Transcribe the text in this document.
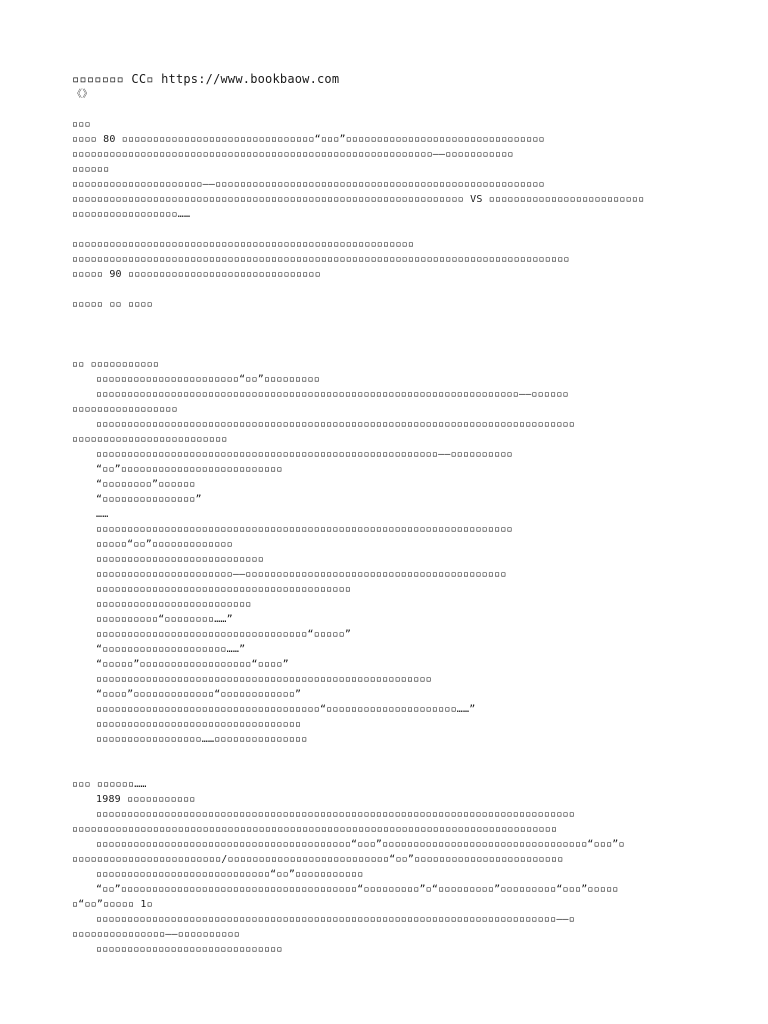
▫▫▫▫▫▫▫ CC▫ https://www.bookbaow.com
《》
▫▫▫
▫▫▫▫ 80 ▫▫▫▫▫▫▫▫▫▫▫▫▫▫▫▫▫▫▫▫▫▫▫▫▫▫▫▫▫▫▫“▫▫▫”▫▫▫▫▫▫▫▫▫▫▫▫▫▫▫▫▫▫▫▫▫▫▫▫▫▫▫▫▫▫▫▫
▫▫▫▫▫▫▫▫▫▫▫▫▫▫▫▫▫▫▫▫▫▫▫▫▫▫▫▫▫▫▫▫▫▫▫▫▫▫▫▫▫▫▫▫▫▫▫▫▫▫▫▫▫▫▫▫▫▫——▫▫▫▫▫▫▫▫▫▫▫
▫▫▫▫▫▫
▫▫▫▫▫▫▫▫▫▫▫▫▫▫▫▫▫▫▫▫▫——▫▫▫▫▫▫▫▫▫▫▫▫▫▫▫▫▫▫▫▫▫▫▫▫▫▫▫▫▫▫▫▫▫▫▫▫▫▫▫▫▫▫▫▫▫▫▫▫▫▫▫▫▫
▫▫▫▫▫▫▫▫▫▫▫▫▫▫▫▫▫▫▫▫▫▫▫▫▫▫▫▫▫▫▫▫▫▫▫▫▫▫▫▫▫▫▫▫▫▫▫▫▫▫▫▫▫▫▫▫▫▫▫▫▫▫▫ VS ▫▫▫▫▫▫▫▫▫▫▫▫▫▫▫▫▫▫▫▫▫▫▫▫▫
▫▫▫▫▫▫▫▫▫▫▫▫▫▫▫▫▫……
▫▫▫▫▫▫▫▫▫▫▫▫▫▫▫▫▫▫▫▫▫▫▫▫▫▫▫▫▫▫▫▫▫▫▫▫▫▫▫▫▫▫▫▫▫▫▫▫▫▫▫▫▫▫▫
▫▫▫▫▫▫▫▫▫▫▫▫▫▫▫▫▫▫▫▫▫▫▫▫▫▫▫▫▫▫▫▫▫▫▫▫▫▫▫▫▫▫▫▫▫▫▫▫▫▫▫▫▫▫▫▫▫▫▫▫▫▫▫▫▫▫▫▫▫▫▫▫▫▫▫▫▫▫▫▫
▫▫▫▫▫ 90 ▫▫▫▫▫▫▫▫▫▫▫▫▫▫▫▫▫▫▫▫▫▫▫▫▫▫▫▫▫▫▫
▫▫▫▫▫ ▫▫ ▫▫▫▫
▫▫ ▫▫▫▫▫▫▫▫▫▫▫
▫▫▫▫▫▫▫▫▫▫▫▫▫▫▫▫▫▫▫▫▫▫▫“▫▫”▫▫▫▫▫▫▫▫▫
▫▫▫▫▫▫▫▫▫▫▫▫▫▫▫▫▫▫▫▫▫▫▫▫▫▫▫▫▫▫▫▫▫▫▫▫▫▫▫▫▫▫▫▫▫▫▫▫▫▫▫▫▫▫▫▫▫▫▫▫▫▫▫▫▫▫▫▫——▫▫▫▫▫▫
▫▫▫▫▫▫▫▫▫▫▫▫▫▫▫▫▫
▫▫▫▫▫▫▫▫▫▫▫▫▫▫▫▫▫▫▫▫▫▫▫▫▫▫▫▫▫▫▫▫▫▫▫▫▫▫▫▫▫▫▫▫▫▫▫▫▫▫▫▫▫▫▫▫▫▫▫▫▫▫▫▫▫▫▫▫▫▫▫▫▫▫▫▫▫
▫▫▫▫▫▫▫▫▫▫▫▫▫▫▫▫▫▫▫▫▫▫▫▫▫
▫▫▫▫▫▫▫▫▫▫▫▫▫▫▫▫▫▫▫▫▫▫▫▫▫▫▫▫▫▫▫▫▫▫▫▫▫▫▫▫▫▫▫▫▫▫▫▫▫▫▫▫▫▫▫——▫▫▫▫▫▫▫▫▫▫
“▫▫”▫▫▫▫▫▫▫▫▫▫▫▫▫▫▫▫▫▫▫▫▫▫▫▫▫▫
“▫▫▫▫▫▫▫▫”▫▫▫▫▫▫
“▫▫▫▫▫▫▫▫▫▫▫▫▫▫▫”
……
▫▫▫▫▫▫▫▫▫▫▫▫▫▫▫▫▫▫▫▫▫▫▫▫▫▫▫▫▫▫▫▫▫▫▫▫▫▫▫▫▫▫▫▫▫▫▫▫▫▫▫▫▫▫▫▫▫▫▫▫▫▫▫▫▫▫▫
▫▫▫▫▫“▫▫”▫▫▫▫▫▫▫▫▫▫▫▫▫
▫▫▫▫▫▫▫▫▫▫▫▫▫▫▫▫▫▫▫▫▫▫▫▫▫▫▫
▫▫▫▫▫▫▫▫▫▫▫▫▫▫▫▫▫▫▫▫▫▫——▫▫▫▫▫▫▫▫▫▫▫▫▫▫▫▫▫▫▫▫▫▫▫▫▫▫▫▫▫▫▫▫▫▫▫▫▫▫▫▫▫▫
▫▫▫▫▫▫▫▫▫▫▫▫▫▫▫▫▫▫▫▫▫▫▫▫▫▫▫▫▫▫▫▫▫▫▫▫▫▫▫▫▫
▫▫▫▫▫▫▫▫▫▫▫▫▫▫▫▫▫▫▫▫▫▫▫▫▫
▫▫▫▫▫▫▫▫▫▫“▫▫▫▫▫▫▫▫……”
▫▫▫▫▫▫▫▫▫▫▫▫▫▫▫▫▫▫▫▫▫▫▫▫▫▫▫▫▫▫▫▫▫▫“▫▫▫▫▫”
“▫▫▫▫▫▫▫▫▫▫▫▫▫▫▫▫▫▫▫▫……”
“▫▫▫▫▫”▫▫▫▫▫▫▫▫▫▫▫▫▫▫▫▫▫▫“▫▫▫▫”
▫▫▫▫▫▫▫▫▫▫▫▫▫▫▫▫▫▫▫▫▫▫▫▫▫▫▫▫▫▫▫▫▫▫▫▫▫▫▫▫▫▫▫▫▫▫▫▫▫▫▫▫▫▫
“▫▫▫▫”▫▫▫▫▫▫▫▫▫▫▫▫▫“▫▫▫▫▫▫▫▫▫▫▫▫”
▫▫▫▫▫▫▫▫▫▫▫▫▫▫▫▫▫▫▫▫▫▫▫▫▫▫▫▫▫▫▫▫▫▫▫▫“▫▫▫▫▫▫▫▫▫▫▫▫▫▫▫▫▫▫▫▫▫……”
▫▫▫▫▫▫▫▫▫▫▫▫▫▫▫▫▫▫▫▫▫▫▫▫▫▫▫▫▫▫▫▫▫
▫▫▫▫▫▫▫▫▫▫▫▫▫▫▫▫▫……▫▫▫▫▫▫▫▫▫▫▫▫▫▫▫
▫▫▫ ▫▫▫▫▫▫……
1989 ▫▫▫▫▫▫▫▫▫▫▫
▫▫▫▫▫▫▫▫▫▫▫▫▫▫▫▫▫▫▫▫▫▫▫▫▫▫▫▫▫▫▫▫▫▫▫▫▫▫▫▫▫▫▫▫▫▫▫▫▫▫▫▫▫▫▫▫▫▫▫▫▫▫▫▫▫▫▫▫▫▫▫▫▫▫▫▫▫
▫▫▫▫▫▫▫▫▫▫▫▫▫▫▫▫▫▫▫▫▫▫▫▫▫▫▫▫▫▫▫▫▫▫▫▫▫▫▫▫▫▫▫▫▫▫▫▫▫▫▫▫▫▫▫▫▫▫▫▫▫▫▫▫▫▫▫▫▫▫▫▫▫▫▫▫▫▫
▫▫▫▫▫▫▫▫▫▫▫▫▫▫▫▫▫▫▫▫▫▫▫▫▫▫▫▫▫▫▫▫▫▫▫▫▫▫▫▫▫“▫▫▫”▫▫▫▫▫▫▫▫▫▫▫▫▫▫▫▫▫▫▫▫▫▫▫▫▫▫▫▫▫▫▫▫▫“▫▫▫”▫
▫▫▫▫▫▫▫▫▫▫▫▫▫▫▫▫▫▫▫▫▫▫▫▫/▫▫▫▫▫▫▫▫▫▫▫▫▫▫▫▫▫▫▫▫▫▫▫▫▫▫“▫▫”▫▫▫▫▫▫▫▫▫▫▫▫▫▫▫▫▫▫▫▫▫▫▫▫
▫▫▫▫▫▫▫▫▫▫▫▫▫▫▫▫▫▫▫▫▫▫▫▫▫▫▫▫“▫▫”▫▫▫▫▫▫▫▫▫▫▫
“▫▫”▫▫▫▫▫▫▫▫▫▫▫▫▫▫▫▫▫▫▫▫▫▫▫▫▫▫▫▫▫▫▫▫▫▫▫▫▫▫“▫▫▫▫▫▫▫▫▫”▫“▫▫▫▫▫▫▫▫▫”▫▫▫▫▫▫▫▫▫“▫▫▫”▫▫▫▫▫
▫“▫▫”▫▫▫▫▫ 1▫
▫▫▫▫▫▫▫▫▫▫▫▫▫▫▫▫▫▫▫▫▫▫▫▫▫▫▫▫▫▫▫▫▫▫▫▫▫▫▫▫▫▫▫▫▫▫▫▫▫▫▫▫▫▫▫▫▫▫▫▫▫▫▫▫▫▫▫▫▫▫▫▫▫▫——▫
▫▫▫▫▫▫▫▫▫▫▫▫▫▫▫——▫▫▫▫▫▫▫▫▫▫
▫▫▫▫▫▫▫▫▫▫▫▫▫▫▫▫▫▫▫▫▫▫▫▫▫▫▫▫▫▫
